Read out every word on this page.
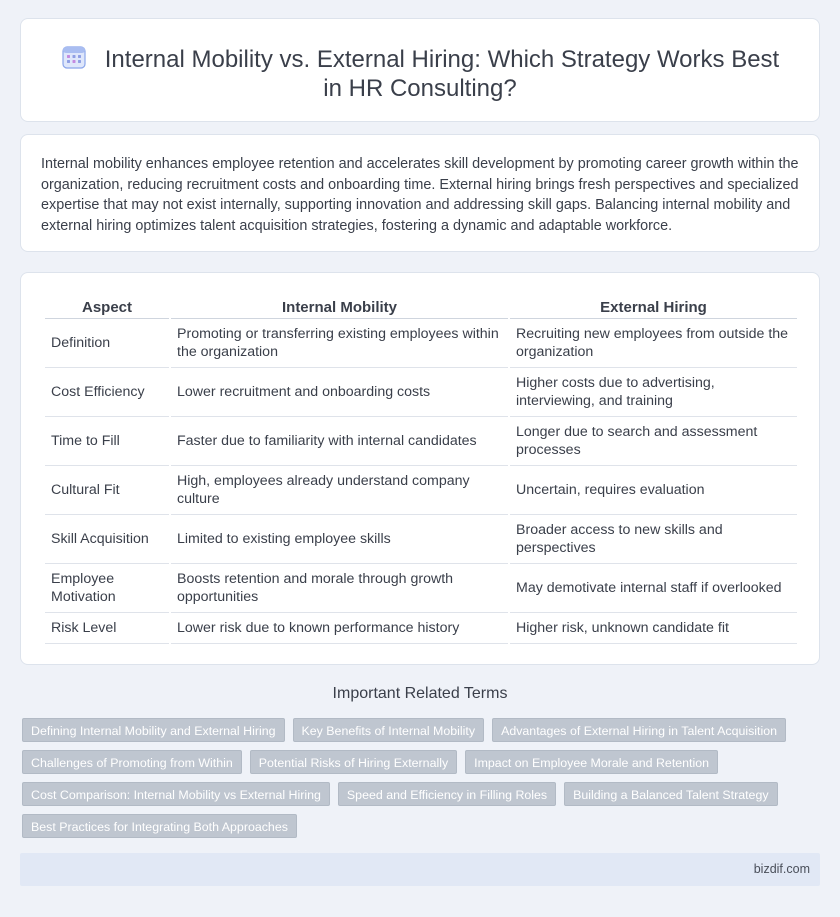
Internal Mobility vs. External Hiring: Which Strategy Works Best in HR Consulting?

Internal mobility enhances employee retention and accelerates skill development by promoting career growth within the organization, reducing recruitment costs and onboarding time. External hiring brings fresh perspectives and specialized expertise that may not exist internally, supporting innovation and addressing skill gaps. Balancing internal mobility and external hiring optimizes talent acquisition strategies, fostering a dynamic and adaptable workforce.

Aspect	Internal Mobility	External Hiring
Definition	Promoting or transferring existing employees within the organization	Recruiting new employees from outside the organization
Cost Efficiency	Lower recruitment and onboarding costs	Higher costs due to advertising, interviewing, and training
Time to Fill	Faster due to familiarity with internal candidates	Longer due to search and assessment processes
Cultural Fit	High, employees already understand company culture	Uncertain, requires evaluation
Skill Acquisition	Limited to existing employee skills	Broader access to new skills and perspectives
Employee Motivation	Boosts retention and morale through growth opportunities	May demotivate internal staff if overlooked
Risk Level	Lower risk due to known performance history	Higher risk, unknown candidate fit
Important Related Terms
Defining Internal Mobility and External Hiring	Key Benefits of Internal Mobility	Advantages of External Hiring in Talent Acquisition
Challenges of Promoting from Within	Potential Risks of Hiring Externally	Impact on Employee Morale and Retention
Cost Comparison: Internal Mobility vs External Hiring	Speed and Efficiency in Filling Roles	Building a Balanced Talent Strategy
Best Practices for Integrating Both Approaches
bizdif.com
